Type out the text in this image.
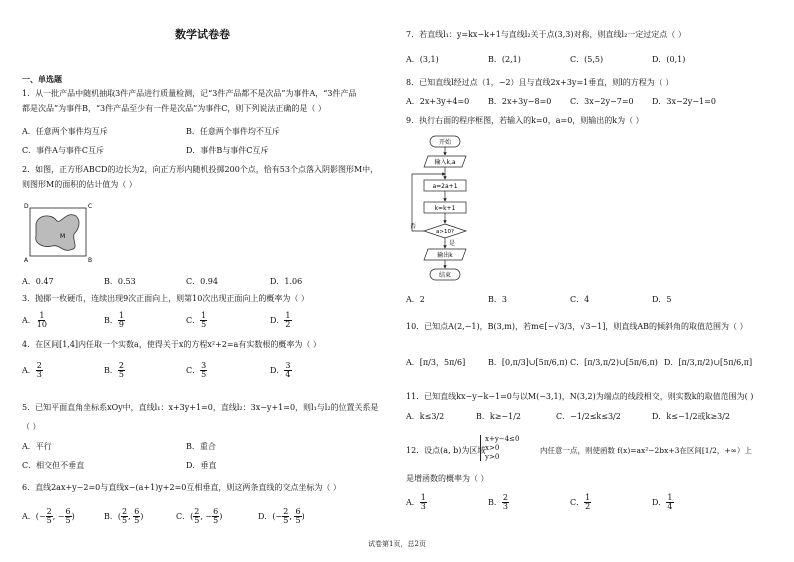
数学试卷卷
一、单选题
1．从一批产品中随机抽取3件产品进行质量检测，记“3件产品都不是次品”为事件A，“3件产品
都是次品”为事件B，“3件产品至少有一件是次品”为事件C，则下列说法正确的是（ ）
A．任意两个事件均互斥	B．任意两个事件均不互斥
C．事件A与事件C互斥	D．事件B与事件C互斥
2．如图，正方形ABCD的边长为2，向正方形内随机投掷200个点，恰有53个点落入阴影图形M中，
则图形M的面积的估计值为（ ）
D	C
A	B
M
A．0.47	B．0.53	C．0.94	D．1.06
3．抛掷一枚硬币，连续出现9次正面向上，则第10次出现正面向上的概率为（ ）
A． $\frac{1}{10}$	B． $\frac{1}{9}$	C． $\frac{1}{5}$	D． $\frac{1}{2}$
4．在区间[1,4]内任取一个实数a，使得关于x的方程x²+2=a有实数根的概率为（ ）
A． $\frac{2}{3}$	B． $\frac{2}{5}$	C． $\frac{3}{5}$	D． $\frac{3}{4}$
5．已知平面直角坐标系xOy中，直线l₁：x+3y+1=0，直线l₂：3x−y+1=0，则l₁与l₂的位置关系是
（ ）
A．平行	B．重合
C．相交但不垂直	D．垂直
6．直线2ax+y−2=0与直线x−(a+1)y+2=0互相垂直，则这两条直线的交点坐标为（ ）
A．(− $\frac{2}{5}$ , − $\frac{6}{5}$ )	B．( $\frac{2}{5}$ , $\frac{6}{5}$ )	C．( $\frac{2}{5}$ , − $\frac{6}{5}$ )	D．(− $\frac{2}{5}$ , $\frac{6}{5}$ )
7．若直线l₁：y=kx−k+1与直线l₂关于点(3,3)对称，则直线l₂一定过定点（ ）
A．(3,1)	B．(2,1)	C．(5,5)	D．(0,1)
8．已知直线l经过点（1，−2）且与直线2x+3y=1垂直，则l的方程为（ ）
A．2x+3y+4=0 B．2x+3y−8=0 C．3x−2y−7=0 D．3x−2y−1=0
9．执行右面的程序框图，若输入的k=0，a=0，则输出的k为（ ）
开始
输入k,a
a=2a+1
k=k+1
a>10?
否
是
输出k
结束
A．2	B．3	C．4	D．5
10．已知点A(2,−1)，B(3,m)，若m∈[−√3/3，√3−1]，则直线AB的倾斜角的取值范围为（ ）
A．[π/3，5π/6]	B．[0,π/3]∪[5π/6,π) C．[π/3,π/2)∪[5π/6,π) D．[π/3,π/2)∪[5π/6,π]
11．已知直线kx−y−k−1=0与以M(−3,1)，N(3,2)为端点的线段相交，则实数k的取值范围为( )
A．k≤3/2	B．k≥−1/2	C．−1/2≤k≤3/2	D．k≤−1/2或k≥3/2
12．设点(a, b)为区域
x+y−4≤0
x>0
y>0
内任意一点，则使函数 f(x)=ax²−2bx+3在区间[1/2，+∞）上
是增函数的概率为（ ）
A． $\frac{1}{3}$	B． $\frac{2}{3}$	C． $\frac{1}{2}$	D． $\frac{1}{4}$
试卷第1页，总2页
